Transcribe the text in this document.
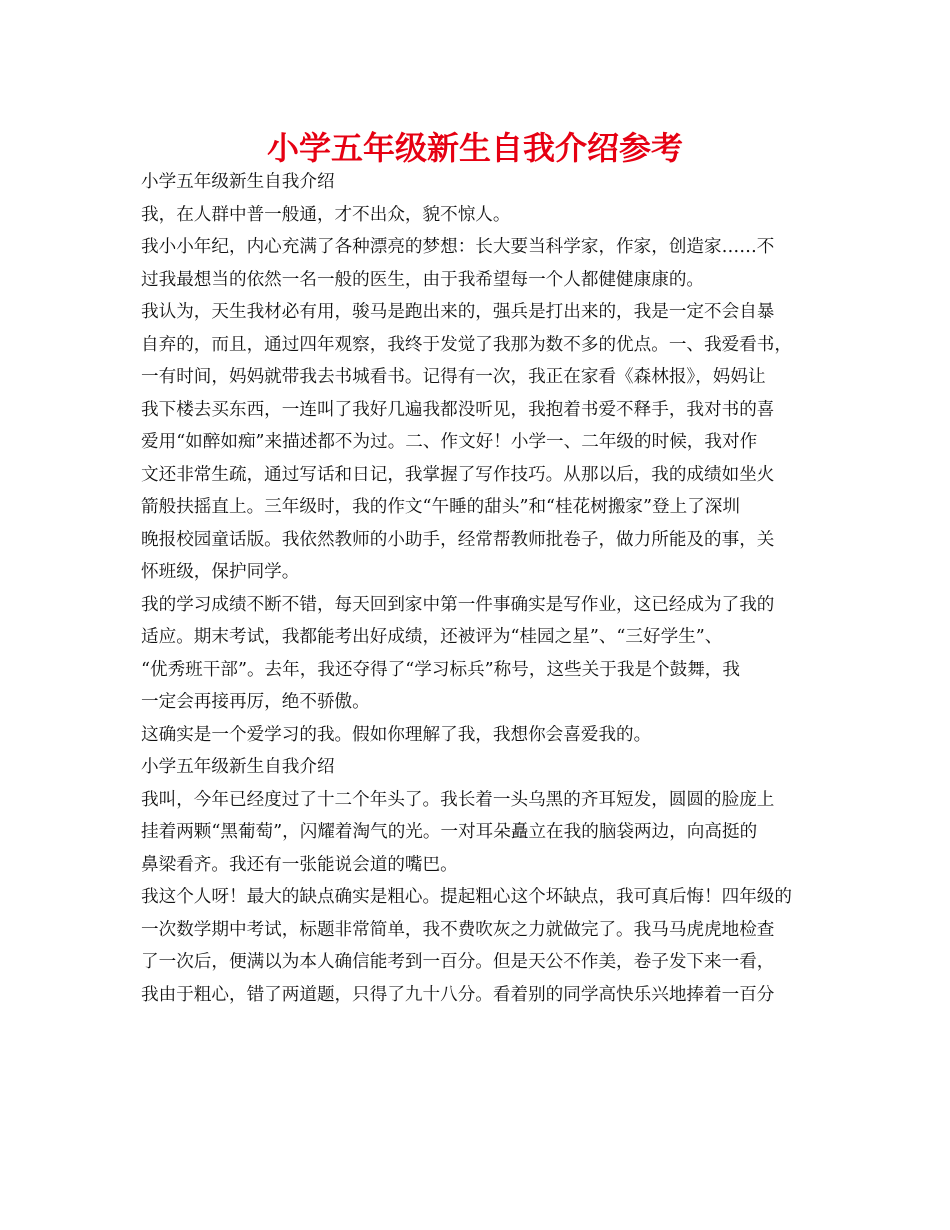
小学五年级新生自我介绍参考

小学五年级新生自我介绍

我，在人群中普一般通，才不出众，貌不惊人。

我小小年纪，内心充满了各种漂亮的梦想：长大要当科学家，作家，创造家……不
过我最想当的依然一名一般的医生，由于我希望每一个人都健健康康的。

我认为，天生我材必有用，骏马是跑出来的，强兵是打出来的，我是一定不会自暴
自弃的，而且，通过四年观察，我终于发觉了我那为数不多的优点。一、我爱看书，
一有时间，妈妈就带我去书城看书。记得有一次，我正在家看《森林报》，妈妈让
我下楼去买东西，一连叫了我好几遍我都没听见，我抱着书爱不释手，我对书的喜
爱用“如醉如痴”来描述都不为过。二、作文好！小学一、二年级的时候，我对作
文还非常生疏，通过写话和日记，我掌握了写作技巧。从那以后，我的成绩如坐火
箭般扶摇直上。三年级时，我的作文“午睡的甜头”和“桂花树搬家”登上了深圳
晚报校园童话版。我依然教师的小助手，经常帮教师批卷子，做力所能及的事，关
怀班级，保护同学。

我的学习成绩不断不错，每天回到家中第一件事确实是写作业，这已经成为了我的
适应。期末考试，我都能考出好成绩，还被评为“桂园之星”、“三好学生”、
“优秀班干部”。去年，我还夺得了“学习标兵”称号，这些关于我是个鼓舞，我
一定会再接再厉，绝不骄傲。

这确实是一个爱学习的我。假如你理解了我，我想你会喜爱我的。

小学五年级新生自我介绍

我叫，今年已经度过了十二个年头了。我长着一头乌黑的齐耳短发，圆圆的脸庞上
挂着两颗“黑葡萄”，闪耀着淘气的光。一对耳朵矗立在我的脑袋两边，向高挺的
鼻梁看齐。我还有一张能说会道的嘴巴。

我这个人呀！最大的缺点确实是粗心。提起粗心这个坏缺点，我可真后悔！四年级的
一次数学期中考试，标题非常简单，我不费吹灰之力就做完了。我马马虎虎地检查
了一次后，便满以为本人确信能考到一百分。但是天公不作美，卷子发下来一看，
我由于粗心，错了两道题，只得了九十八分。看着别的同学高快乐兴地捧着一百分
